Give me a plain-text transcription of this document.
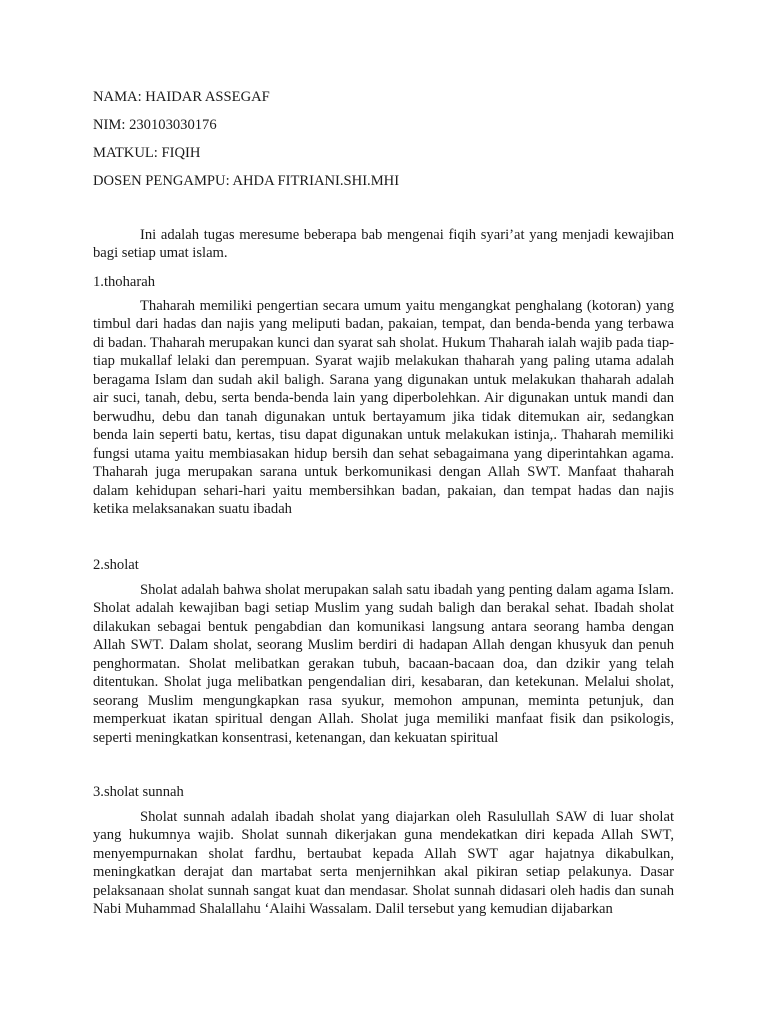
NAMA: HAIDAR ASSEGAF
NIM: 230103030176
MATKUL: FIQIH
DOSEN PENGAMPU: AHDA FITRIANI.SHI.MHI

Ini adalah tugas meresume beberapa bab mengenai fiqih syari’at yang menjadi kewajiban bagi setiap umat islam.

1.thoharah

Thaharah memiliki pengertian secara umum yaitu mengangkat penghalang (kotoran) yang timbul dari hadas dan najis yang meliputi badan, pakaian, tempat, dan benda-benda yang terbawa di badan. Thaharah merupakan kunci dan syarat sah sholat. Hukum Thaharah ialah wajib pada tiap-tiap mukallaf lelaki dan perempuan. Syarat wajib melakukan thaharah yang paling utama adalah beragama Islam dan sudah akil baligh. Sarana yang digunakan untuk melakukan thaharah adalah air suci, tanah, debu, serta benda-benda lain yang diperbolehkan. Air digunakan untuk mandi dan berwudhu, debu dan tanah digunakan untuk bertayamum jika tidak ditemukan air, sedangkan benda lain seperti batu, kertas, tisu dapat digunakan untuk melakukan istinja,. Thaharah memiliki fungsi utama yaitu membiasakan hidup bersih dan sehat sebagaimana yang diperintahkan agama. Thaharah juga merupakan sarana untuk berkomunikasi dengan Allah SWT. Manfaat thaharah dalam kehidupan sehari-hari yaitu membersihkan badan, pakaian, dan tempat hadas dan najis ketika melaksanakan suatu ibadah

2.sholat

Sholat adalah bahwa sholat merupakan salah satu ibadah yang penting dalam agama Islam. Sholat adalah kewajiban bagi setiap Muslim yang sudah baligh dan berakal sehat. Ibadah sholat dilakukan sebagai bentuk pengabdian dan komunikasi langsung antara seorang hamba dengan Allah SWT. Dalam sholat, seorang Muslim berdiri di hadapan Allah dengan khusyuk dan penuh penghormatan. Sholat melibatkan gerakan tubuh, bacaan-bacaan doa, dan dzikir yang telah ditentukan. Sholat juga melibatkan pengendalian diri, kesabaran, dan ketekunan. Melalui sholat, seorang Muslim mengungkapkan rasa syukur, memohon ampunan, meminta petunjuk, dan memperkuat ikatan spiritual dengan Allah. Sholat juga memiliki manfaat fisik dan psikologis, seperti meningkatkan konsentrasi, ketenangan, dan kekuatan spiritual

3.sholat sunnah

Sholat sunnah adalah ibadah sholat yang diajarkan oleh Rasulullah SAW di luar sholat yang hukumnya wajib. Sholat sunnah dikerjakan guna mendekatkan diri kepada Allah SWT, menyempurnakan sholat fardhu, bertaubat kepada Allah SWT agar hajatnya dikabulkan, meningkatkan derajat dan martabat serta menjernihkan akal pikiran setiap pelakunya. Dasar pelaksanaan sholat sunnah sangat kuat dan mendasar. Sholat sunnah didasari oleh hadis dan sunah Nabi Muhammad Shalallahu ‘Alaihi Wassalam. Dalil tersebut yang kemudian dijabarkan
